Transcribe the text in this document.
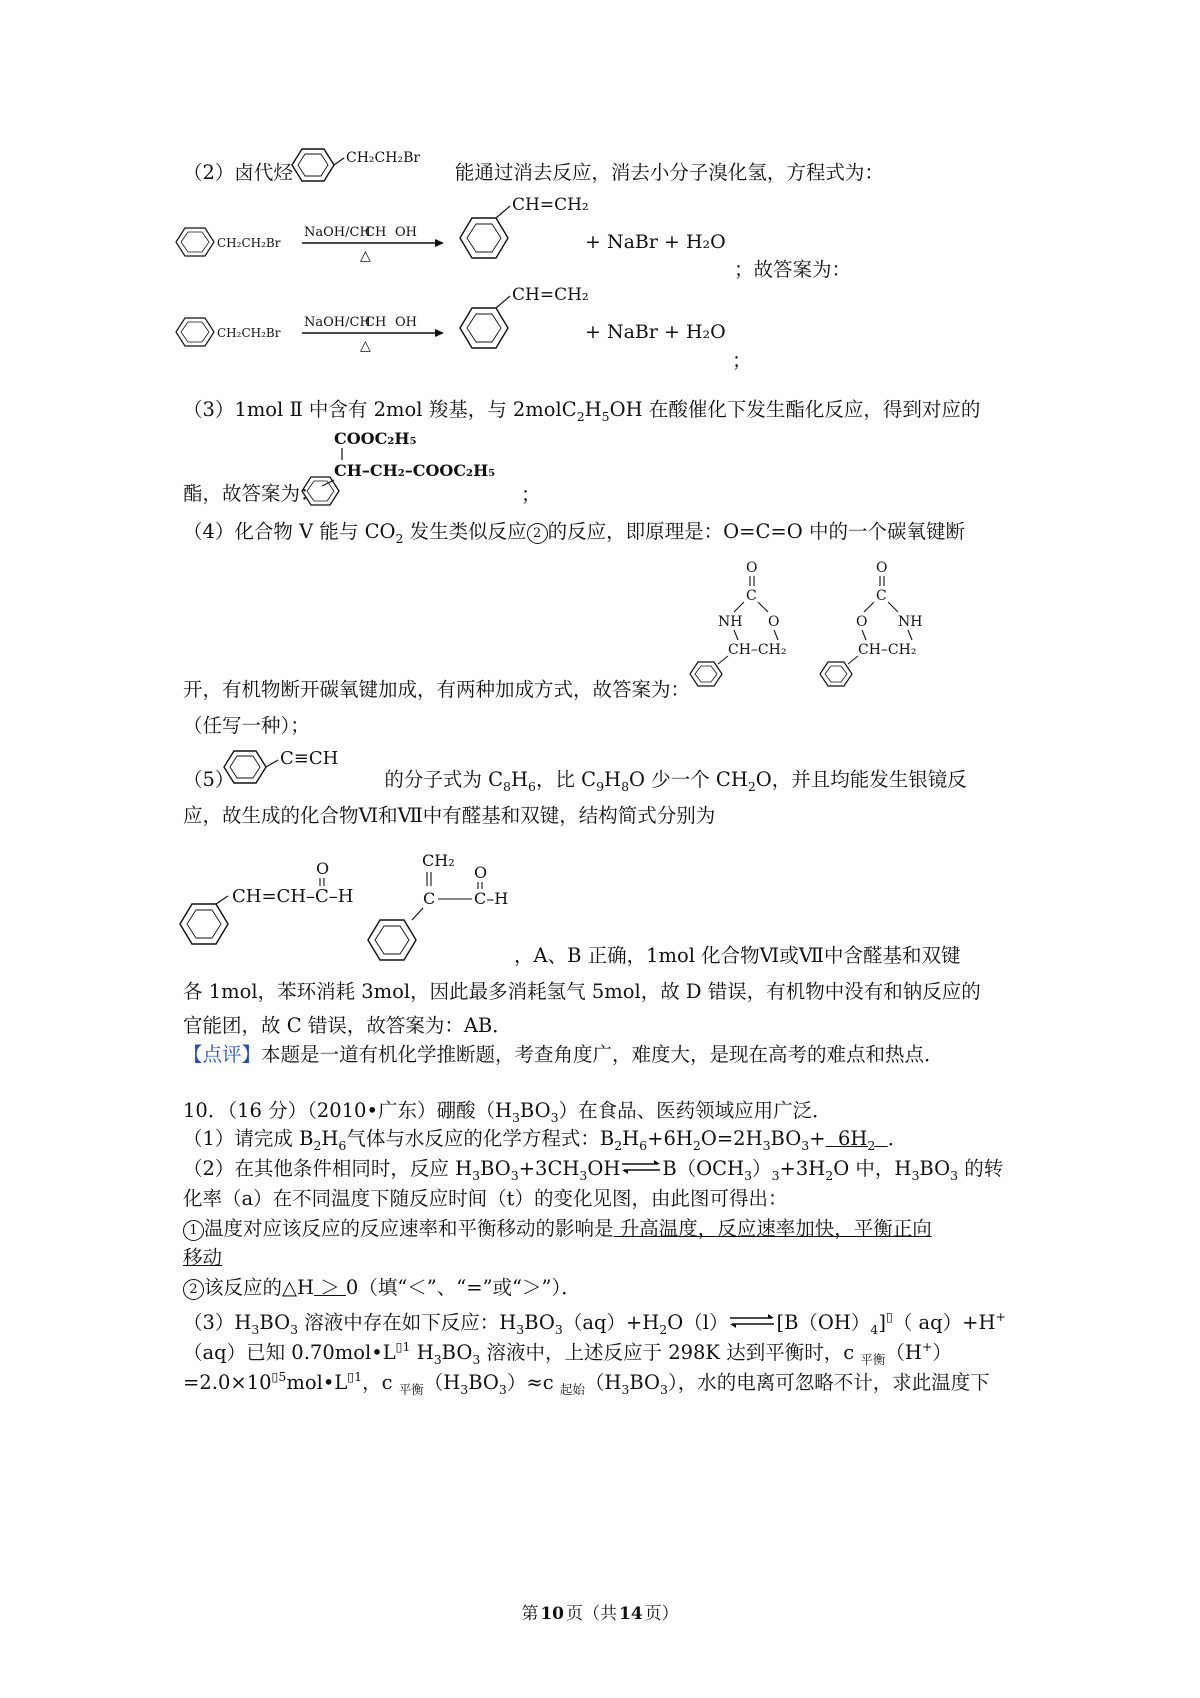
（2）卤代烃	能通过消去反应，消去小分子溴化氢，方程式为：
CH₂CH₂Br
CH₂CH₂Br
NaOH/CH
CH OH
△
CH=CH₂
+ NaBr + H₂O
；故答案为：
CH₂CH₂Br
NaOH/CH
CH OH
△
CH=CH₂
+ NaBr + H₂O
；
（3）1mol Ⅱ 中含有 2mol 羧基，与 $2molC_2H_5OH$ 在酸催化下发生酯化反应，得到对应的
COOC₂H₅
CH–CH₂–COOC₂H₅
酯，故答案为：	；
（4）化合物 V 能与 $CO_2$ 发生类似反应 2 的反应，即原理是：O=C=O 中的一个碳氧键断
O
C
NH O
CH–CH₂
O
C
O NH
CH–CH₂
开，有机物断开碳氧键加成，有两种加成方式，故答案为：
（任写一种）；
（5）	的分子式为 $C_8H_6$，比 $C_9H_8O$ 少一个 $CH_2O$，并且均能发生银镜反
C≡CH
应，故生成的化合物Ⅵ和Ⅶ中有醛基和双键，结构简式分别为
CH=CH–C–H
O	CH₂
C C–H
O
，A、B 正确，1mol 化合物Ⅵ或Ⅶ中含醛基和双键
各 1mol，苯环消耗 3mol，因此最多消耗氢气 5mol，故 D 错误，有机物中没有和钠反应的
官能团，故 C 错误，故答案为：AB．
【点评】本题是一道有机化学推断题，考查角度广，难度大，是现在高考的难点和热点．
10．（16 分）（2010•广东）硼酸$(H_3BO_3)$在食品、医药领域应用广泛．
（1）请完成 $B_2H_6$气体与水反应的化学方程式：$B_2H_6+6H_2O=2H_3BO_3+ 6H_2$ ．
（2）在其他条件相同时，反应 $H_3BO_3+3CH_3OH\rightleftharpoons B(OCH_3)_3+3H_2O$ 中，$H_3BO_3$ 的转
化率（a）在不同温度下随反应时间（t）的变化见图，由此图可得出：
1 温度对应该反应的反应速率和平衡移动的影响是 升高温度，反应速率加快，平衡正向
移动
2 该反应的△H ＞ 0（填“＜”、“=”或“＞”）．
$(3)H_3BO_3$ 溶液中存在如下反应：$H_3BO_3(aq)+H_2O(l)\rightleftharpoons[B(OH)_4]^▯$（ aq）+H+
（aq）已知 $0.70mol•L^{▯1}$ $H_3BO_3$ 溶液中，上述反应于 298K 达到平衡时，c $_{平衡}$（H+）
$=2.0\times 10^{▯5}mol•L^{▯1}$，c $_{平衡}(H_3BO_3)\approx c$ $_{起始}(H_3BO_3)$，水的电离可忽略不计，求此温度下
第 10 页（共 14 页）
